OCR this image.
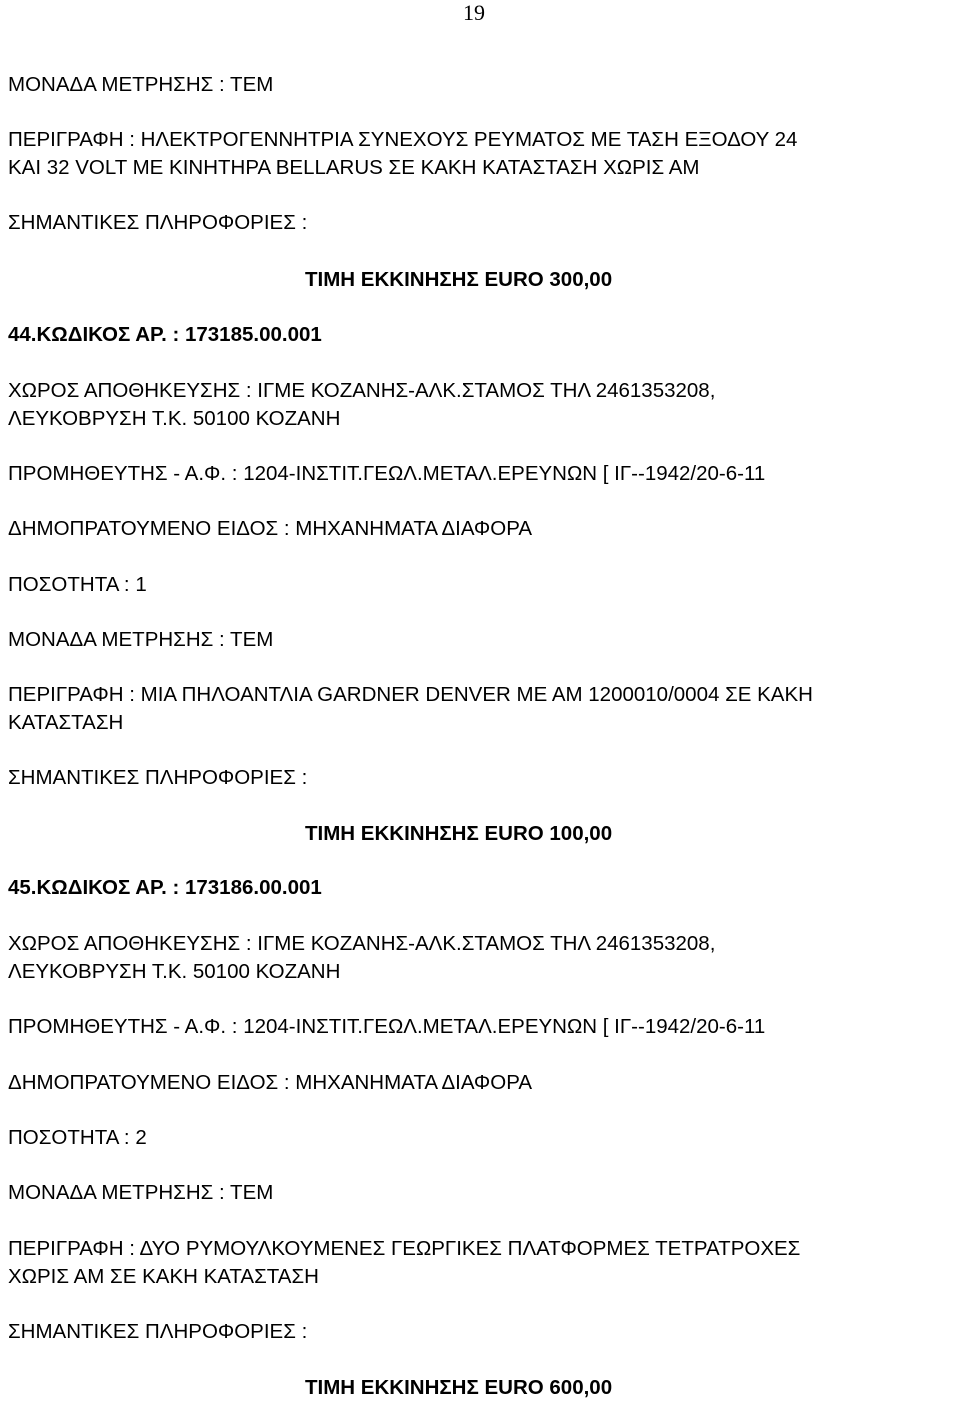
19
ΜΟΝΑΔΑ ΜΕΤΡΗΣΗΣ : ΤΕΜ
ΠΕΡΙΓΡΑΦΗ : ΗΛΕΚΤΡΟΓΕΝΝΗΤΡΙΑ ΣΥΝΕΧΟΥΣ ΡΕΥΜΑΤΟΣ ΜΕ ΤΑΣΗ ΕΞΟΔΟΥ 24
ΚΑΙ 32 VOLT ΜΕ ΚΙΝΗΤΗΡΑ BELLARUS ΣΕ ΚΑΚΗ ΚΑΤΑΣΤΑΣΗ ΧΩΡΙΣ ΑΜ
ΣΗΜΑΝΤΙΚΕΣ ΠΛΗΡΟΦΟΡΙΕΣ :
ΤΙΜΗ ΕΚΚΙΝΗΣΗΣ EURO 300,00
44.ΚΩΔΙΚΟΣ ΑΡ. : 173185.00.001
ΧΩΡΟΣ ΑΠΟΘΗΚΕΥΣΗΣ : ΙΓΜΕ ΚΟΖΑΝΗΣ-ΑΛΚ.ΣΤΑΜΟΣ ΤΗΛ 2461353208,
ΛΕΥΚΟΒΡΥΣΗ Τ.Κ. 50100 ΚΟΖΑΝΗ
ΠΡΟΜΗΘΕΥΤΗΣ - Α.Φ. : 1204-ΙΝΣΤΙΤ.ΓΕΩΛ.ΜΕΤΑΛ.ΕΡΕΥΝΩΝ [ ΙΓ--1942/20-6-11
ΔΗΜΟΠΡΑΤΟΥΜΕΝΟ ΕΙΔΟΣ : ΜΗΧΑΝΗΜΑΤΑ ΔΙΑΦΟΡΑ
ΠΟΣΟΤΗΤΑ : 1
ΜΟΝΑΔΑ ΜΕΤΡΗΣΗΣ : ΤΕΜ
ΠΕΡΙΓΡΑΦΗ : ΜΙΑ ΠΗΛΟΑΝΤΛΙΑ GARDNER DENVER ΜΕ ΑΜ 1200010/0004 ΣΕ ΚΑΚΗ
ΚΑΤΑΣΤΑΣΗ
ΣΗΜΑΝΤΙΚΕΣ ΠΛΗΡΟΦΟΡΙΕΣ :
ΤΙΜΗ ΕΚΚΙΝΗΣΗΣ EURO 100,00
45.ΚΩΔΙΚΟΣ ΑΡ. : 173186.00.001
ΧΩΡΟΣ ΑΠΟΘΗΚΕΥΣΗΣ : ΙΓΜΕ ΚΟΖΑΝΗΣ-ΑΛΚ.ΣΤΑΜΟΣ ΤΗΛ 2461353208,
ΛΕΥΚΟΒΡΥΣΗ Τ.Κ. 50100 ΚΟΖΑΝΗ
ΠΡΟΜΗΘΕΥΤΗΣ - Α.Φ. : 1204-ΙΝΣΤΙΤ.ΓΕΩΛ.ΜΕΤΑΛ.ΕΡΕΥΝΩΝ [ ΙΓ--1942/20-6-11
ΔΗΜΟΠΡΑΤΟΥΜΕΝΟ ΕΙΔΟΣ : ΜΗΧΑΝΗΜΑΤΑ ΔΙΑΦΟΡΑ
ΠΟΣΟΤΗΤΑ : 2
ΜΟΝΑΔΑ ΜΕΤΡΗΣΗΣ : ΤΕΜ
ΠΕΡΙΓΡΑΦΗ : ΔΥΟ ΡΥΜΟΥΛΚΟΥΜΕΝΕΣ ΓΕΩΡΓΙΚΕΣ ΠΛΑΤΦΟΡΜΕΣ ΤΕΤΡΑΤΡΟΧΕΣ
ΧΩΡΙΣ ΑΜ ΣΕ ΚΑΚΗ ΚΑΤΑΣΤΑΣΗ
ΣΗΜΑΝΤΙΚΕΣ ΠΛΗΡΟΦΟΡΙΕΣ :
ΤΙΜΗ ΕΚΚΙΝΗΣΗΣ EURO 600,00
